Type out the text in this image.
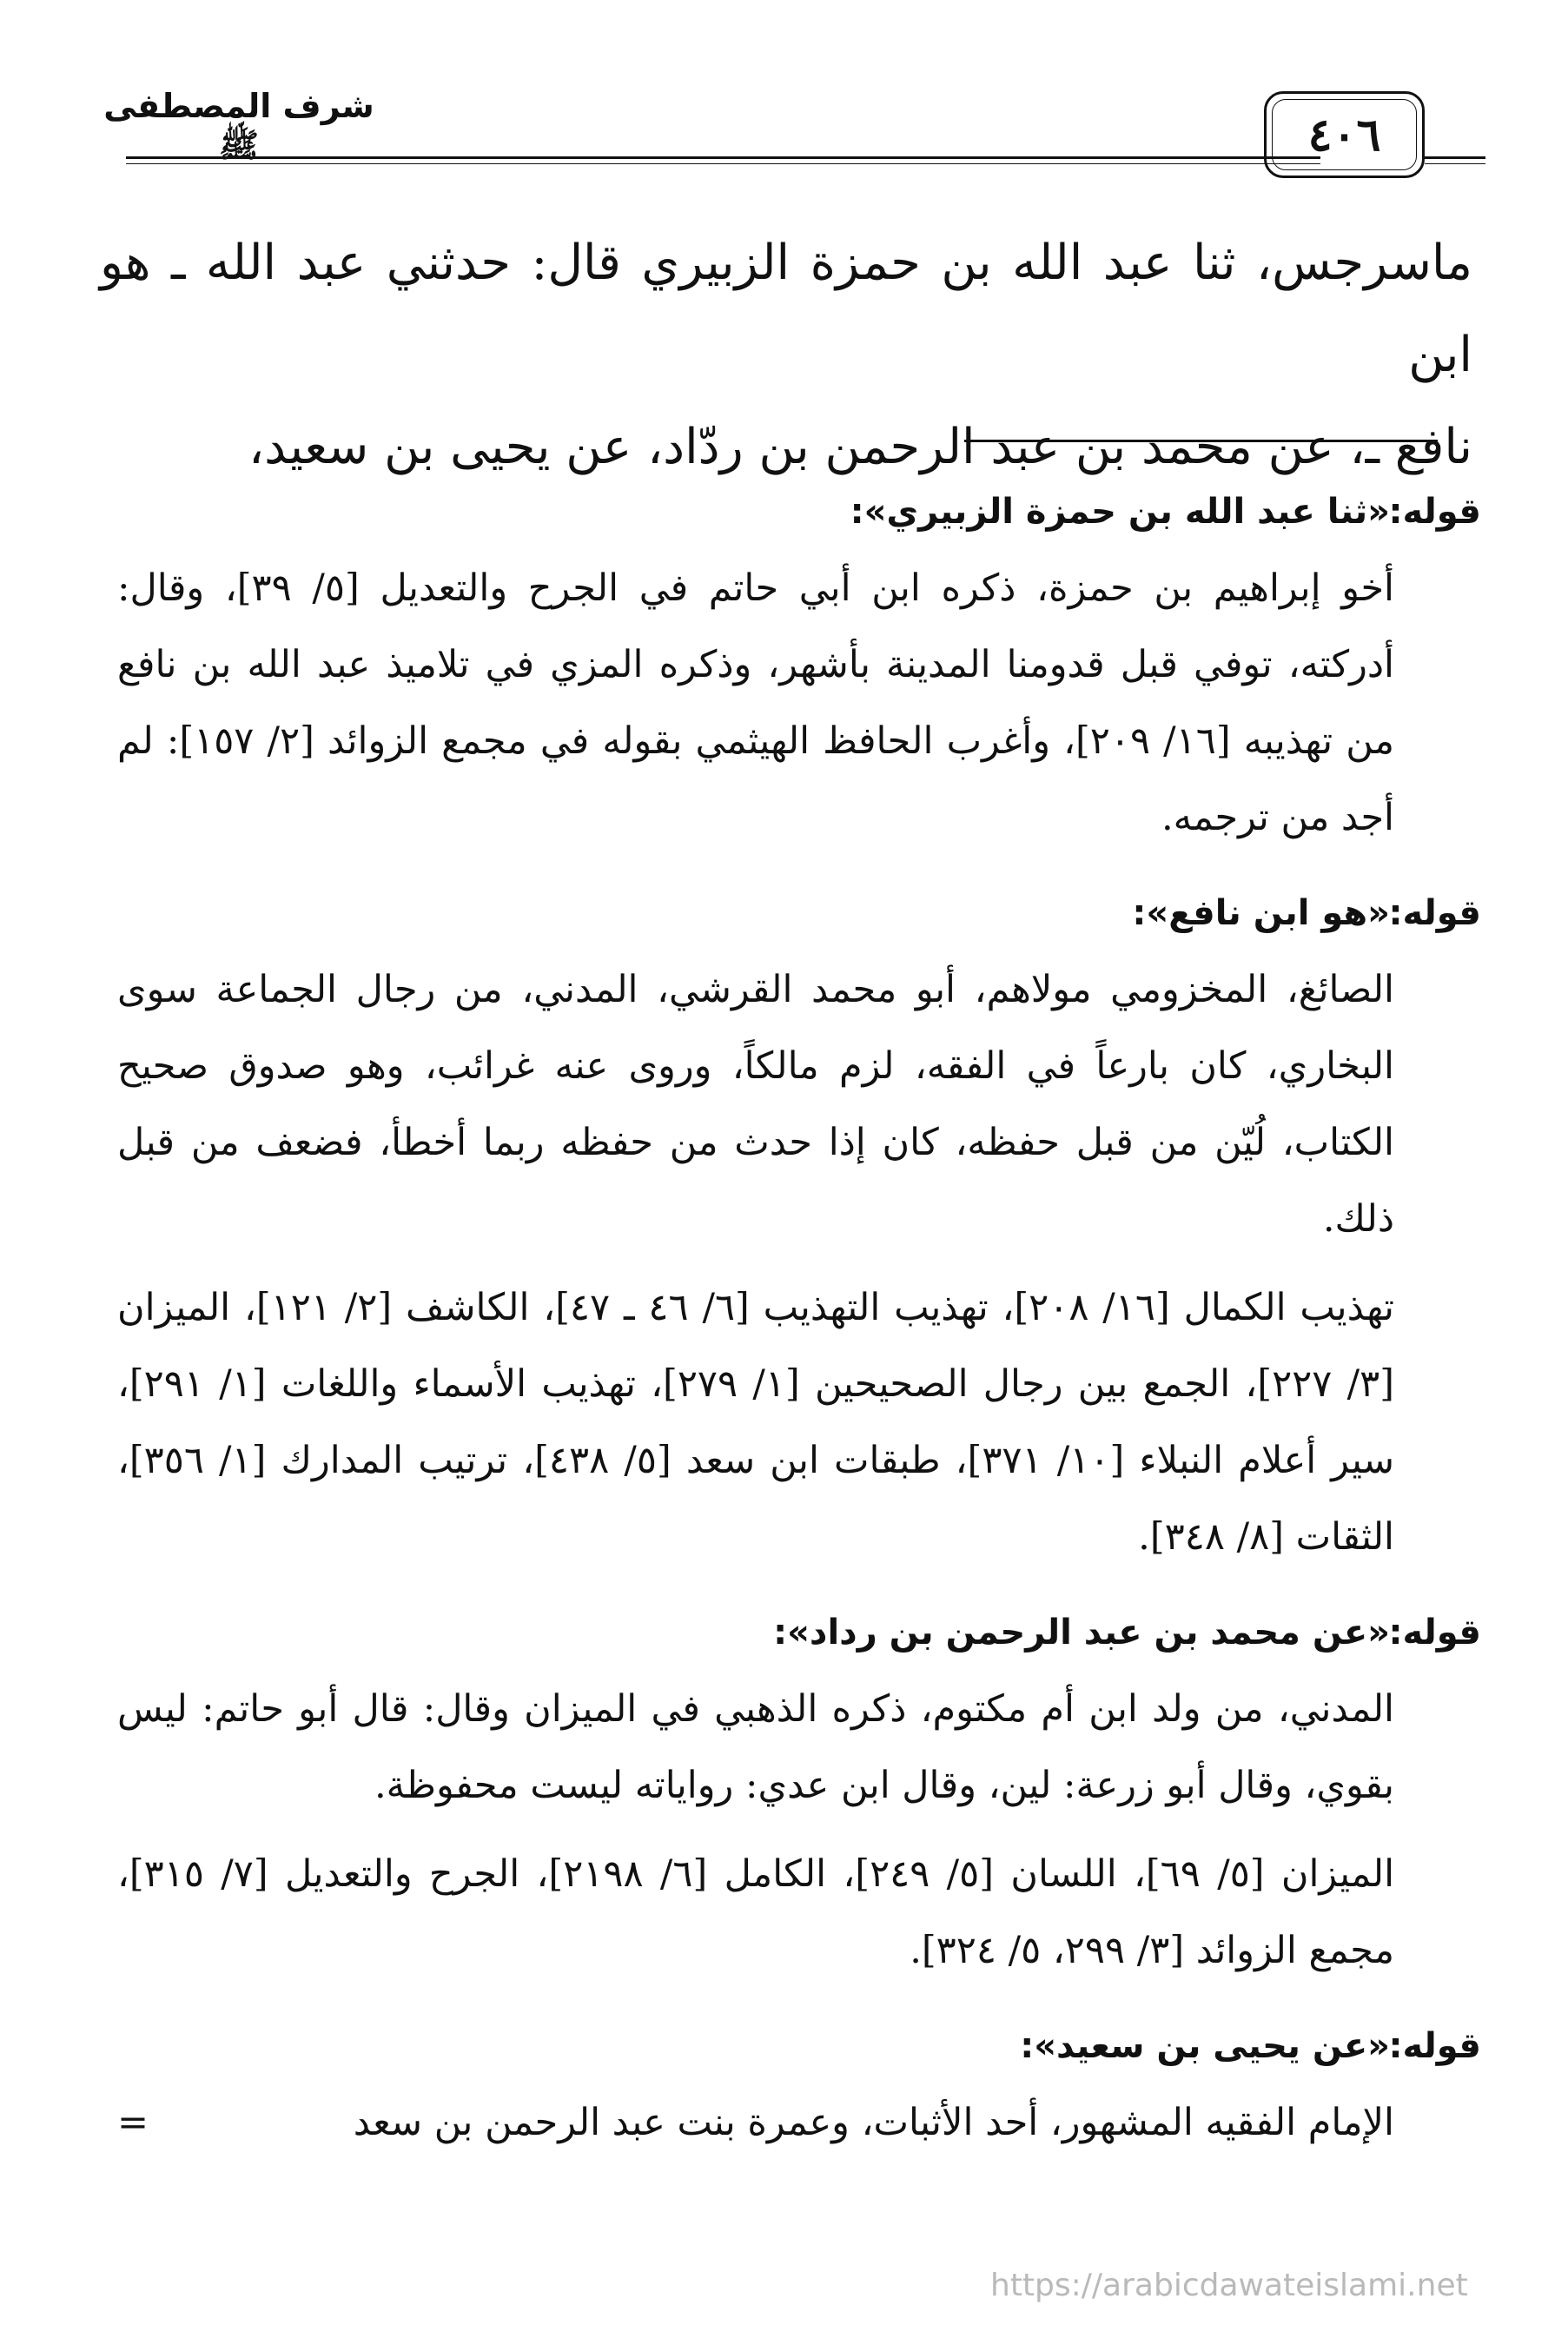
شرف المصطفى ﷺ	٤٠٦

ماسرجس، ثنا عبد الله بن حمزة الزبيري قال: حدثني عبد الله ـ هو ابن

نافع ـ، عن محمد بن عبد الرحمن بن ردّاد، عن يحيى بن سعيد،

قوله:
«ثنا عبد الله بن حمزة الزبيري»:

أخو إبراهيم بن حمزة، ذكره ابن أبي حاتم في الجرح والتعديل [٥/ ٣٩]، وقال: أدركته، توفي قبل قدومنا المدينة بأشهر، وذكره المزي في تلاميذ عبد الله بن نافع من تهذيبه [١٦/ ٢٠٩]، وأغرب الحافظ الهيثمي بقوله في مجمع الزوائد [٢/ ١٥٧]: لم أجد من ترجمه.

قوله:
«هو ابن نافع»:

الصائغ، المخزومي مولاهم، أبو محمد القرشي، المدني، من رجال الجماعة سوى البخاري، كان بارعاً في الفقه، لزم مالكاً، وروى عنه غرائب، وهو صدوق صحيح الكتاب، لُيّن من قبل حفظه، كان إذا حدث من حفظه ربما أخطأ، فضعف من قبل ذلك.

تهذيب الكمال [١٦/ ٢٠٨]، تهذيب التهذيب [٦/ ٤٦ ـ ٤٧]، الكاشف [٢/ ١٢١]، الميزان [٣/ ٢٢٧]، الجمع بين رجال الصحيحين [١/ ٢٧٩]، تهذيب الأسماء واللغات [١/ ٢٩١]، سير أعلام النبلاء [١٠/ ٣٧١]، طبقات ابن سعد [٥/ ٤٣٨]، ترتيب المدارك [١/ ٣٥٦]، الثقات [٨/ ٣٤٨].

قوله:
«عن محمد بن عبد الرحمن بن رداد»:

المدني، من ولد ابن أم مكتوم، ذكره الذهبي في الميزان وقال: قال أبو حاتم: ليس بقوي، وقال أبو زرعة: لين، وقال ابن عدي: رواياته ليست محفوظة.

الميزان [٥/ ٦٩]، اللسان [٥/ ٢٤٩]، الكامل [٦/ ٢١٩٨]، الجرح والتعديل [٧/ ٣١٥]، مجمع الزوائد [٣/ ٢٩٩، ٥/ ٣٢٤].

قوله:
«عن يحيى بن سعيد»:

الإمام الفقيه المشهور، أحد الأثبات، وعمرة بنت عبد الرحمن بن سعد
=

https://arabicdawateislami.net
